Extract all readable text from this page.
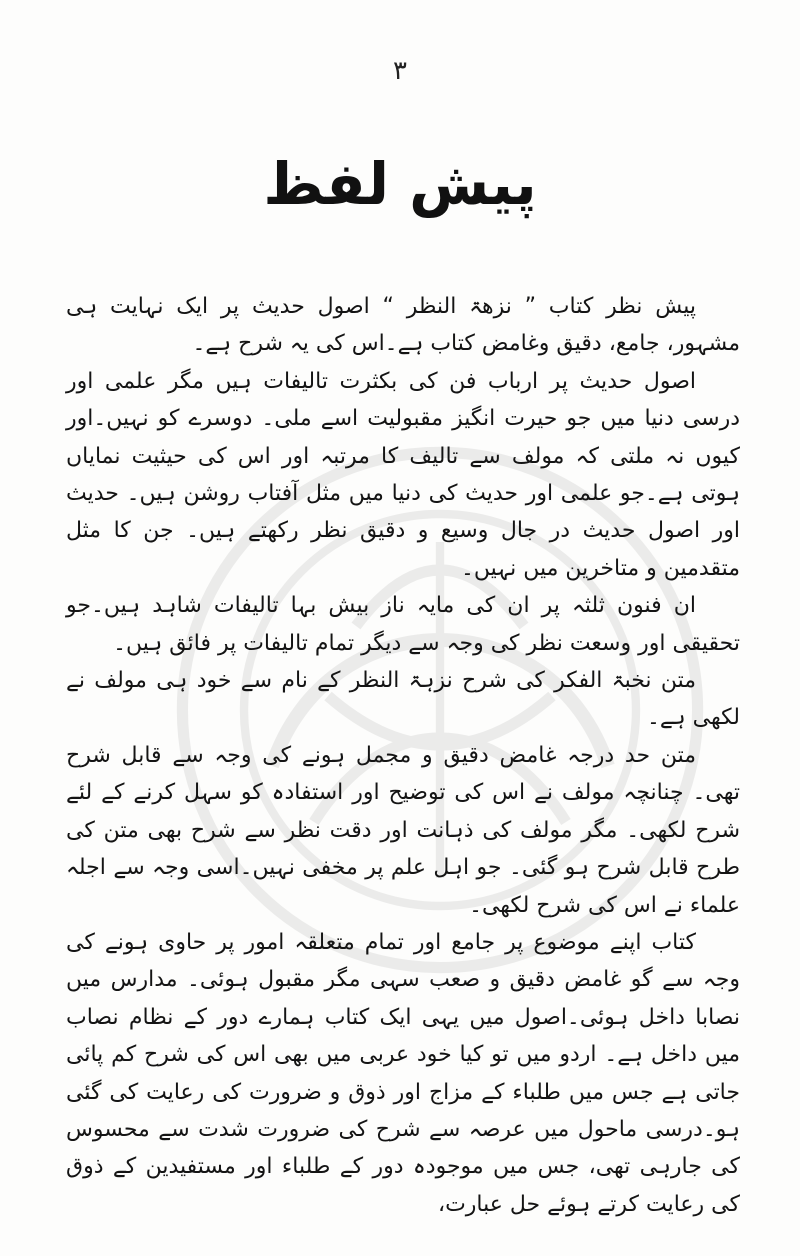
۳
پیش لفظ

پیش نظر کتاب ” نزھۃ النظر “ اصول حدیث پر ایک نہایت ہی مشہور، جامع، دقیق وغامض کتاب ہے۔اس کی یہ شرح ہے۔

اصول حدیث پر ارباب فن کی بکثرت تالیفات ہیں مگر علمی اور درسی دنیا میں جو حیرت انگیز مقبولیت اسے ملی۔ دوسرے کو نہیں۔اور کیوں نہ ملتی کہ مولف سے تالیف کا مرتبہ اور اس کی حیثیت نمایاں ہوتی ہے۔جو علمی اور حدیث کی دنیا میں مثل آفتاب روشن ہیں۔ حدیث اور اصول حدیث در جال وسیع و دقیق نظر رکھتے ہیں۔ جن کا مثل متقدمین و متاخرین میں نہیں۔

ان فنون ثلثہ پر ان کی مایہ ناز بیش بہا تالیفات شاہد ہیں۔جو تحقیقی اور وسعت نظر کی وجہ سے دیگر تمام تالیفات پر فائق ہیں۔

متن نخبۃ الفکر کی شرح نزہۃ النظر کے نام سے خود ہی مولف نے لکھی ہے۔

متن حد درجہ غامض دقیق و مجمل ہونے کی وجہ سے قابل شرح تھی۔ چنانچہ مولف نے اس کی توضیح اور استفادہ کو سہل کرنے کے لئے شرح لکھی۔ مگر مولف کی ذہانت اور دقت نظر سے شرح بھی متن کی طرح قابل شرح ہو گئی۔ جو اہل علم پر مخفی نہیں۔اسی وجہ سے اجلہ علماء نے اس کی شرح لکھی۔

کتاب اپنے موضوع پر جامع اور تمام متعلقہ امور پر حاوی ہونے کی وجہ سے گو غامض دقیق و صعب سہی مگر مقبول ہوئی۔ مدارس میں نصابا داخل ہوئی۔اصول میں یہی ایک کتاب ہمارے دور کے نظام نصاب میں داخل ہے۔ اردو میں تو کیا خود عربی میں بھی اس کی شرح کم پائی جاتی ہے جس میں طلباء کے مزاج اور ذوق و ضرورت کی رعایت کی گئی ہو۔درسی ماحول میں عرصہ سے شرح کی ضرورت شدت سے محسوس کی جارہی تھی، جس میں موجودہ دور کے طلباء اور مستفیدین کے ذوق کی رعایت کرتے ہوئے حل عبارت،
